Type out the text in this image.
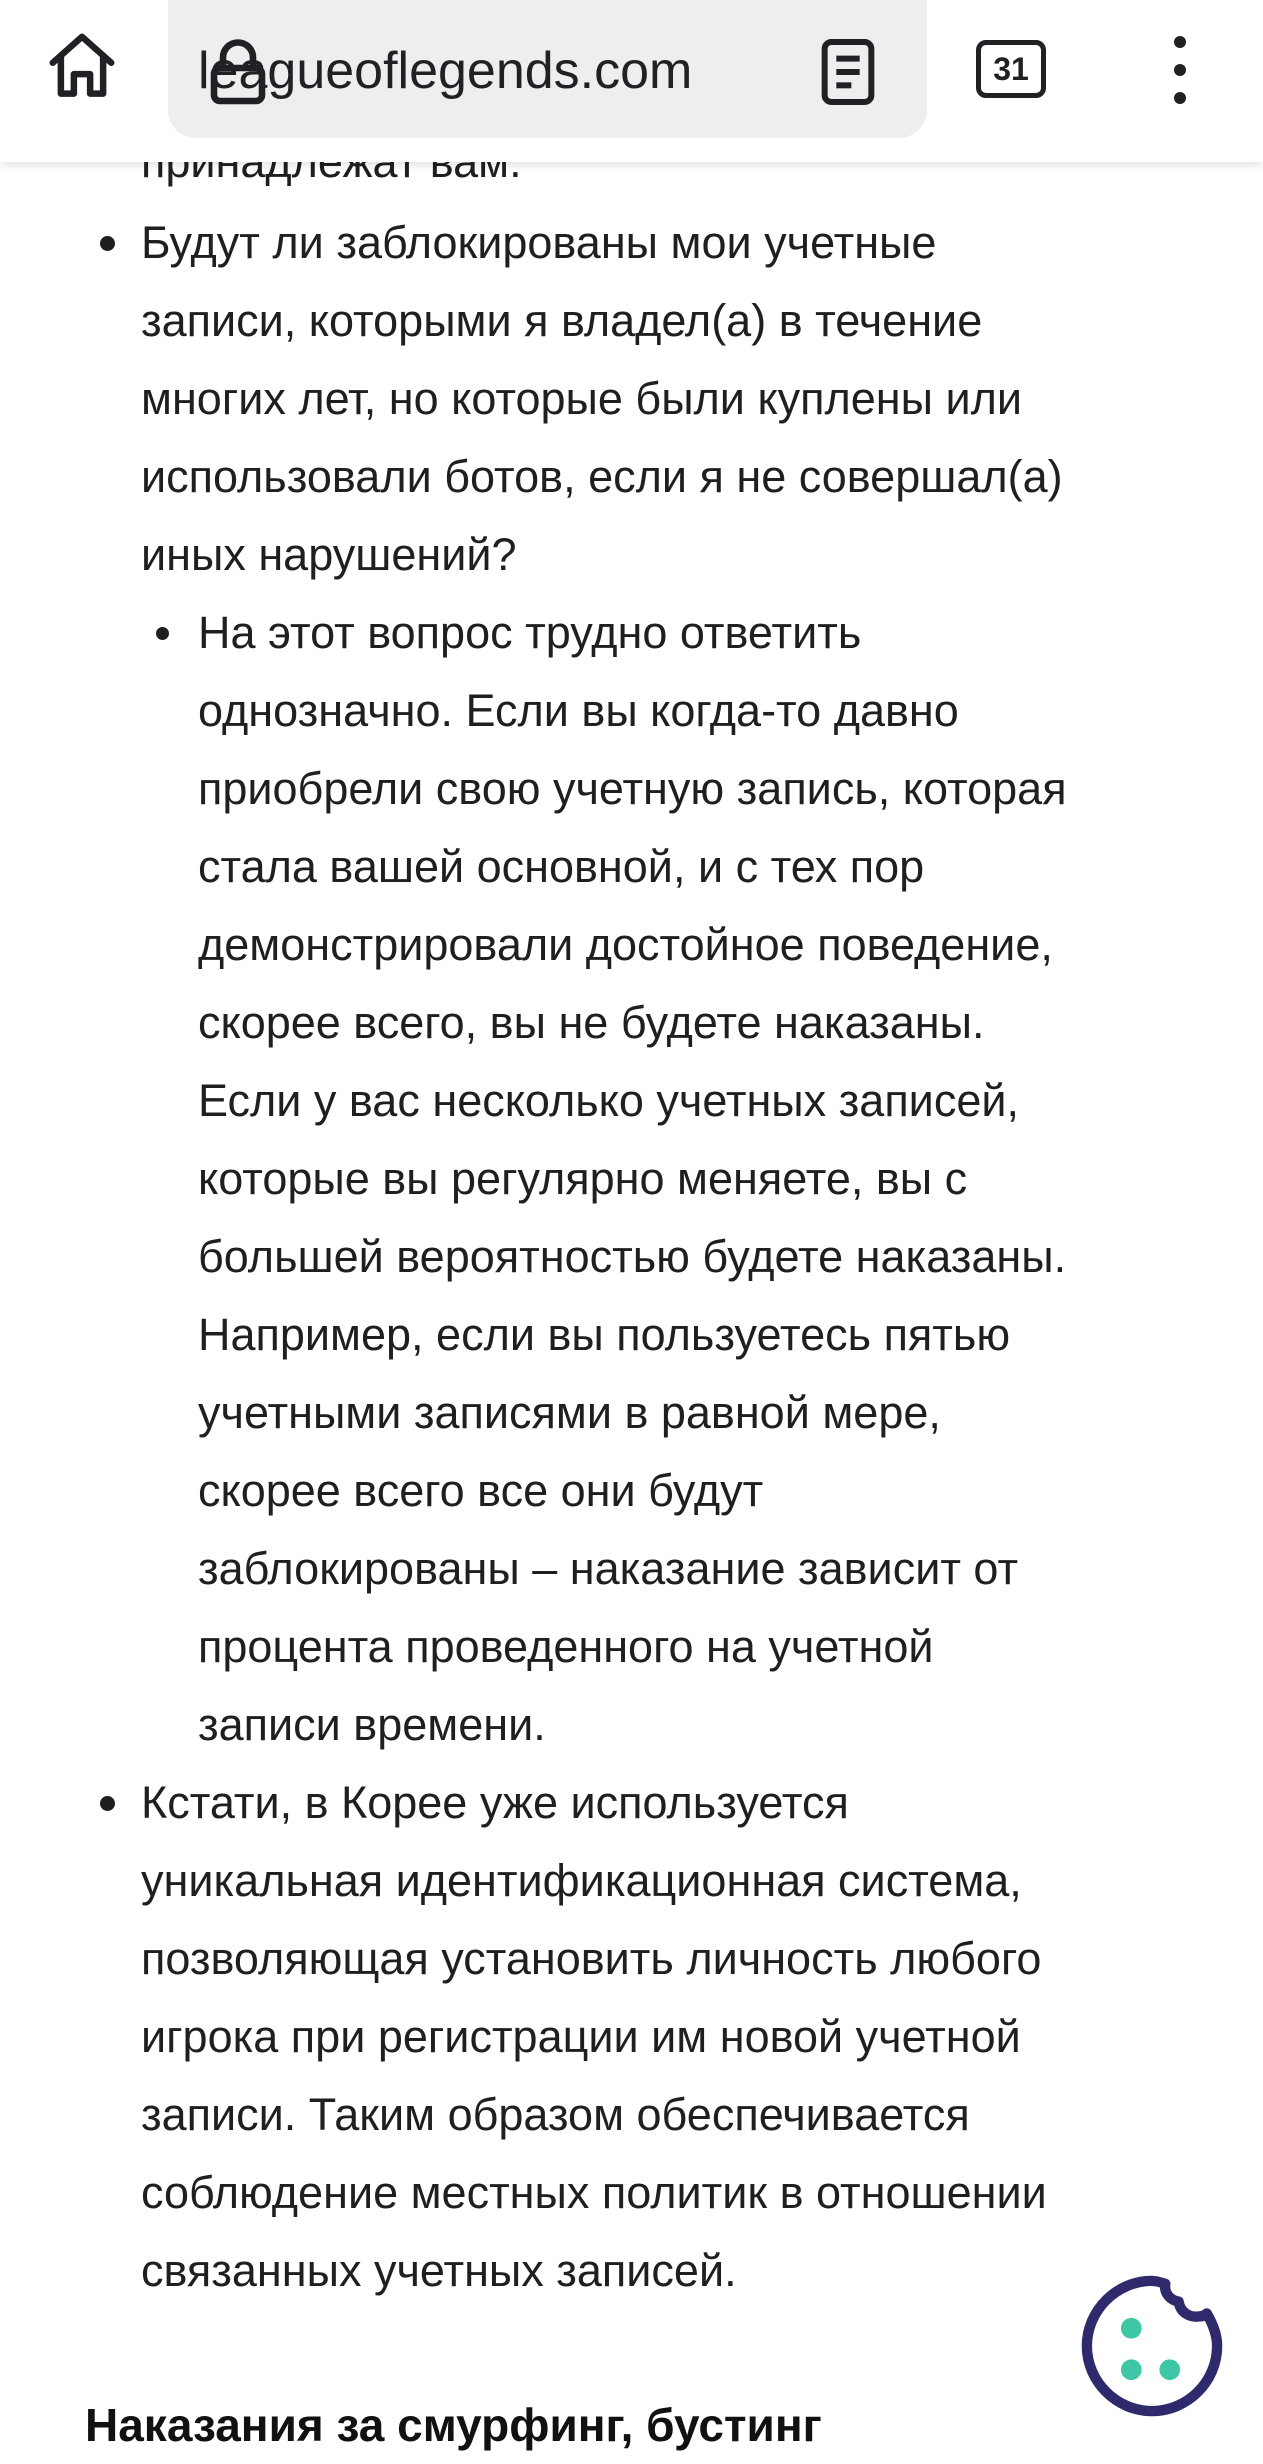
Будут ли заблокированы мои учетные
записи, которыми я владел(а) в течение
многих лет, но которые были куплены или
использовали ботов, если я не совершал(а)
иных нарушений?
На этот вопрос трудно ответить
однозначно. Если вы когда-то давно
приобрели свою учетную запись, которая
стала вашей основной, и с тех пор
демонстрировали достойное поведение,
скорее всего, вы не будете наказаны.
Если у вас несколько учетных записей,
которые вы регулярно меняете, вы с
большей вероятностью будете наказаны.
Например, если вы пользуетесь пятью
учетными записями в равной мере,
скорее всего все они будут
заблокированы – наказание зависит от
процента проведенного на учетной
записи времени.
Кстати, в Корее уже используется
уникальная идентификационная система,
позволяющая установить личность любого
игрока при регистрации им новой учетной
записи. Таким образом обеспечивается
соблюдение местных политик в отношении
связанных учетных записей.
Наказания за смурфинг, бустинг
leagueoflegends.com	31
